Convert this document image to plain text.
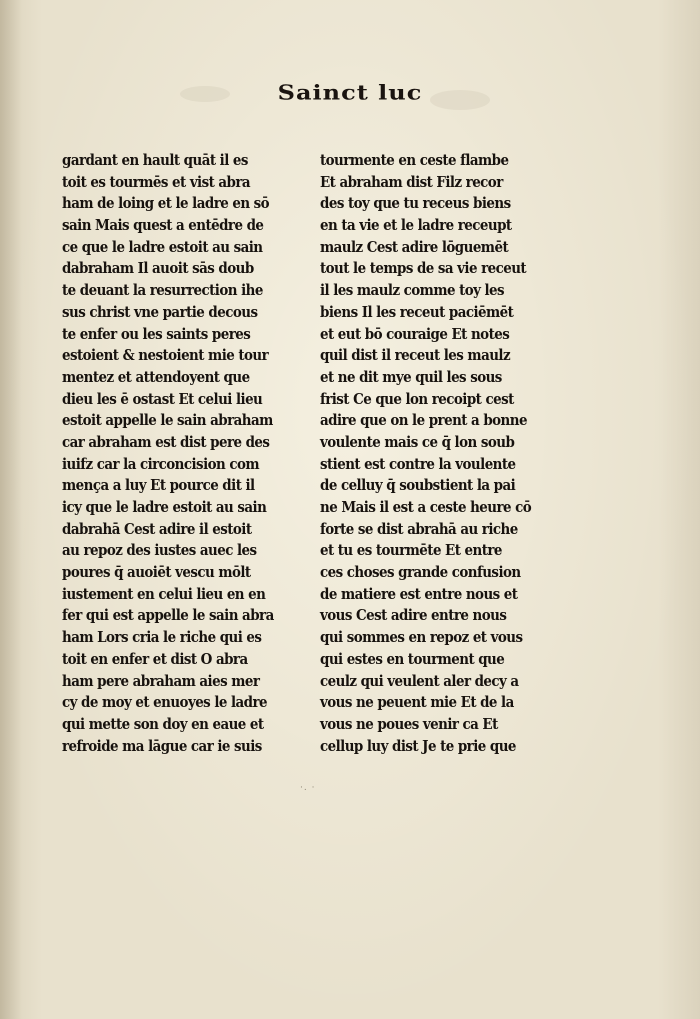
Sainct luc
gardant en hault quāt il es
toit es tourmēs et vist abra
ham de loing et le ladre en sō
sain Mais quest a entēdre de
ce que le ladre estoit au sain
dabraham Il auoit sās doub
te deuant la resurrection ihe
sus christ vne partie decous
te enfer ou les saints peres
estoient & nestoient mie tour
mentez et attendoyent que
dieu les ē ostast Et celui lieu
estoit appelle le sain abraham
car abraham est dist pere des
iuifz car la circoncision com
mença a luy Et pource dit il
icy que le ladre estoit au sain
dabrahā Cest adire il estoit
au repoz des iustes auec les
poures q̄ auoiēt vescu mōlt
iustement en celui lieu en en
fer qui est appelle le sain abra
ham Lors cria le riche qui es
toit en enfer et dist O abra
ham pere abraham aies mer
cy de moy et enuoyes le ladre
qui mette son doy en eaue et
refroide ma lāgue car ie suis
tourmente en ceste flambe
Et abraham dist Filz recor
des toy que tu receus biens
en ta vie et le ladre receupt
maulz Cest adire lōguemēt
tout le temps de sa vie receut
il les maulz comme toy les
biens Il les receut paciēmēt
et eut bō couraige Et notes
quil dist il receut les maulz
et ne dit mye quil les sous
frist Ce que lon recoipt cest
adire que on le prent a bonne
voulente mais ce q̄ lon soub
stient est contre la voulente
de celluy q̄ soubstient la pai
ne Mais il est a ceste heure cō
forte se dist abrahā au riche
et tu es tourmēte Et entre
ces choses grande confusion
de matiere est entre nous et
vous Cest adire entre nous
qui sommes en repoz et vous
qui estes en tourment que
ceulz qui veulent aler decy a
vous ne peuent mie Et de la
vous ne poues venir ca Et
cellup luy dist Je te prie que
·. ·
